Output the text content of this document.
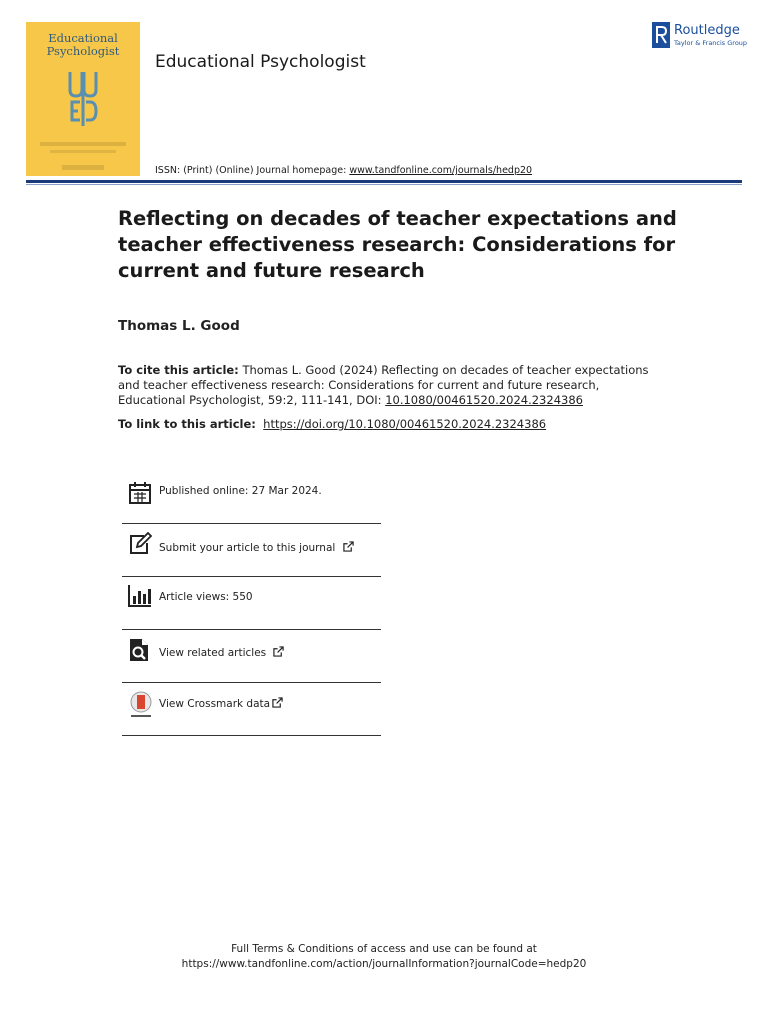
Educational
Psychologist
Educational Psychologist
ISSN: (Print) (Online) Journal homepage: www.tandfonline.com/journals/hedp20
Routledge
Taylor & Francis Group
Reflecting on decades of teacher expectations and teacher effectiveness research: Considerations for current and future research
Thomas L. Good
To cite this article: Thomas L. Good (2024) Reflecting on decades of teacher expectations and teacher effectiveness research: Considerations for current and future research, Educational Psychologist, 59:2, 111-141, DOI: 10.1080/00461520.2024.2324386
To link to this article: https://doi.org/10.1080/00461520.2024.2324386
Published online: 27 Mar 2024.
Submit your article to this journal
Article views: 550
View related articles
View Crossmark data
Full Terms & Conditions of access and use can be found at
https://www.tandfonline.com/action/journalInformation?journalCode=hedp20
